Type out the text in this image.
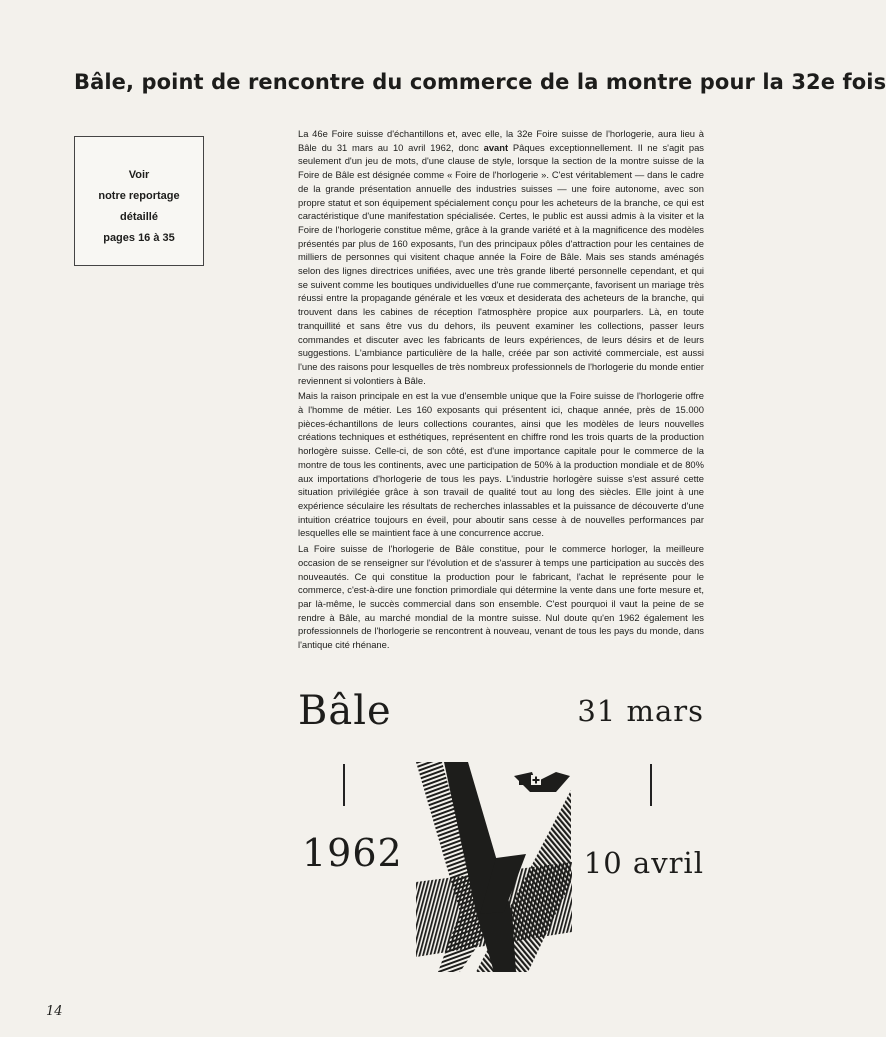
Bâle, point de rencontre du commerce de la montre pour la 32e fois
Voir
notre reportage
détaillé
pages 16 à 35

La 46e Foire suisse d'échantillons et, avec elle, la 32e Foire suisse de l'horlogerie, aura lieu à Bâle du 31 mars au 10 avril 1962, donc avant Pâques exceptionnellement. Il ne s'agit pas seulement d'un jeu de mots, d'une clause de style, lorsque la section de la montre suisse de la Foire de Bâle est désignée comme « Foire de l'horlogerie ». C'est véritablement — dans le cadre de la grande présentation annuelle des industries suisses — une foire autonome, avec son propre statut et son équipement spécialement conçu pour les acheteurs de la branche, ce qui est caractéristique d'une manifestation spécialisée. Certes, le public est aussi admis à la visiter et la Foire de l'horlogerie constitue même, grâce à la grande variété et à la magnificence des modèles présentés par plus de 160 exposants, l'un des principaux pôles d'attraction pour les centaines de milliers de personnes qui visitent chaque année la Foire de Bâle. Mais ses stands aménagés selon des lignes directrices unifiées, avec une très grande liberté personnelle cependant, et qui se suivent comme les boutiques undividuelles d'une rue commerçante, favorisent un mariage très réussi entre la propagande générale et les vœux et desiderata des acheteurs de la branche, qui trouvent dans les cabines de réception l'atmosphère propice aux pourparlers. Là, en toute tranquillité et sans être vus du dehors, ils peuvent examiner les collections, passer leurs commandes et discuter avec les fabricants de leurs expériences, de leurs désirs et de leurs suggestions. L'ambiance particulière de la halle, créée par son activité commerciale, est aussi l'une des raisons pour lesquelles de très nombreux professionnels de l'horlogerie du monde entier reviennent si volontiers à Bâle.

Mais la raison principale en est la vue d'ensemble unique que la Foire suisse de l'horlogerie offre à l'homme de métier. Les 160 exposants qui présentent ici, chaque année, près de 15.000 pièces-échantillons de leurs collections courantes, ainsi que les modèles de leurs nouvelles créations techniques et esthétiques, représentent en chiffre rond les trois quarts de la production horlogère suisse. Celle-ci, de son côté, est d'une importance capitale pour le commerce de la montre de tous les continents, avec une participation de 50% à la production mondiale et de 80% aux importations d'horlogerie de tous les pays. L'industrie horlogère suisse s'est assuré cette situation privilégiée grâce à son travail de qualité tout au long des siècles. Elle joint à une expérience séculaire les résultats de recherches inlassables et la puissance de découverte d'une intuition créatrice toujours en éveil, pour aboutir sans cesse à de nouvelles performances par lesquelles elle se maintient face à une concurrence accrue.

La Foire suisse de l'horlogerie de Bâle constitue, pour le commerce horloger, la meilleure occasion de se renseigner sur l'évolution et de s'assurer à temps une participation au succès des nouveautés. Ce qui constitue la production pour le fabricant, l'achat le représente pour le commerce, c'est-à-dire une fonction primordiale qui détermine la vente dans une forte mesure et, par là-même, le succès commercial dans son ensemble. C'est pourquoi il vaut la peine de se rendre à Bâle, au marché mondial de la montre suisse. Nul doute qu'en 1962 également les professionnels de l'horlogerie se rencontrent à nouveau, venant de tous les pays du monde, dans l'antique cité rhénane.

Bâle	31 mars
1962	10 avril
14
